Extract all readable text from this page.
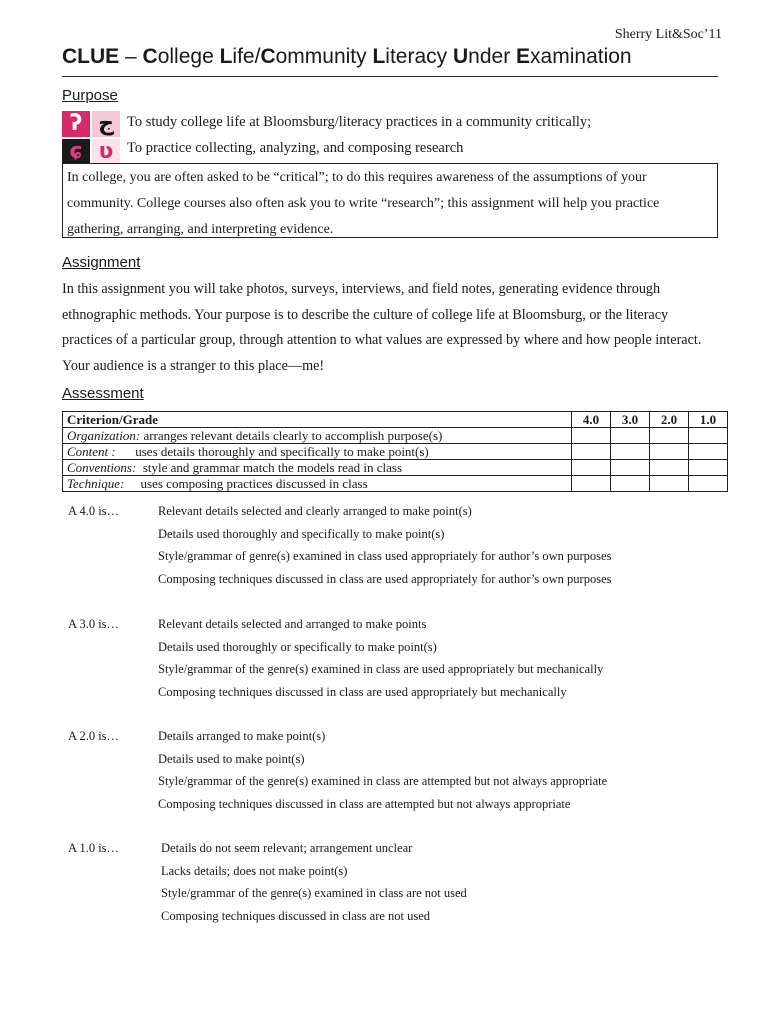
Sherry Lit&Soc’11
CLUE – College Life/Community Literacy Under Examination
Purpose
ʔ ج
ɕ ʋ
To study college life at Bloomsburg/literacy practices in a community critically;
To practice collecting, analyzing, and composing research
In college, you are often asked to be “critical”; to do this requires awareness of the assumptions of your community. College courses also often ask you to write “research”; this assignment will help you practice gathering, arranging, and interpreting evidence.
Assignment
In this assignment you will take photos, surveys, interviews, and field notes, generating evidence through ethnographic methods. Your purpose is to describe the culture of college life at Bloomsburg, or the literacy practices of a particular group, through attention to what values are expressed by where and how people interact. Your audience is a stranger to this place—me!
Assessment
Criterion/Grade	4.0	3.0	2.0	1.0
Organization: arranges relevant details clearly to accomplish purpose(s)				
Content :      uses details thoroughly and specifically to make point(s)				
Conventions:  style and grammar match the models read in class				
Technique:     uses composing practices discussed in class				
A 4.0 is…	Relevant details selected and clearly arranged to make point(s)
Details used thoroughly and specifically to make point(s)
Style/grammar of genre(s) examined in class used appropriately for author’s own purposes
Composing techniques discussed in class are used appropriately for author’s own purposes
A 3.0 is…	Relevant details selected and arranged to make points
Details used thoroughly or specifically to make point(s)
Style/grammar of the genre(s) examined in class are used appropriately but mechanically
Composing techniques discussed in class are used appropriately but mechanically
A 2.0 is…	Details arranged to make point(s)
Details used to make point(s)
Style/grammar of the genre(s) examined in class are attempted but not always appropriate
Composing techniques discussed in class are attempted but not always appropriate
A 1.0 is…	Details do not seem relevant; arrangement unclear
Lacks details; does not make point(s)
Style/grammar of the genre(s) examined in class are not used
Composing techniques discussed in class are not used
